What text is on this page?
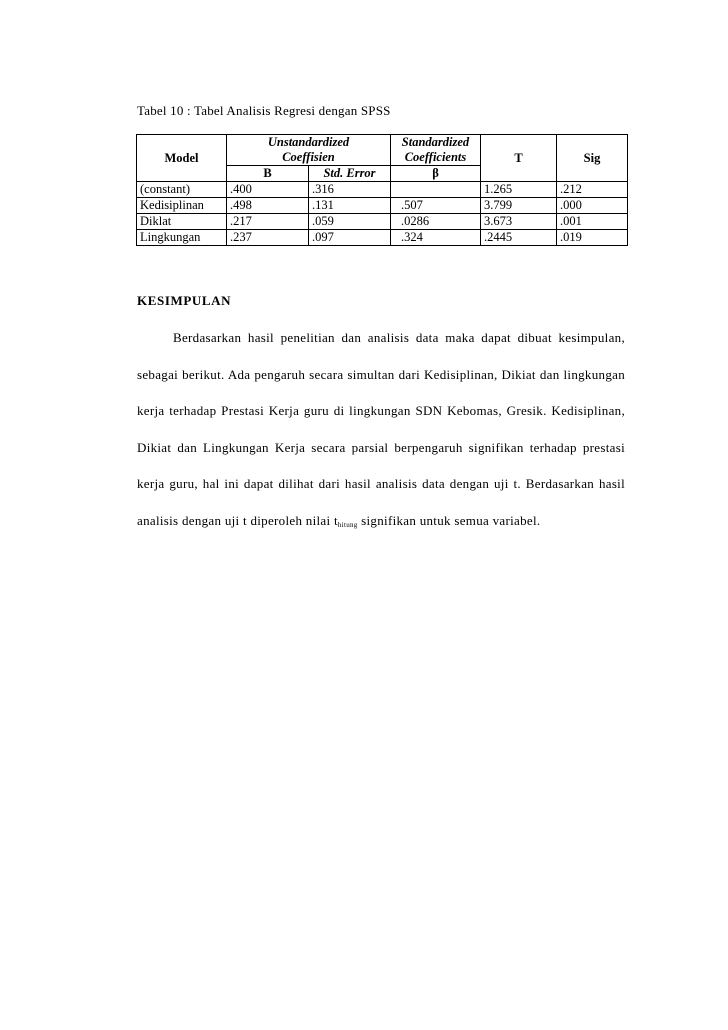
Tabel 10 : Tabel Analisis Regresi dengan SPSS
Model	Unstandardized Coeffisien		Standardized Coefficients	T	Sig
	B	Std. Error	β		
(constant)	.400	.316		1.265	.212
Kedisiplinan	.498	.131	.507	3.799	.000
Diklat	.217	.059	.0286	3.673	.001
Lingkungan	.237	.097	.324	.2445	.019
KESIMPULAN
Berdasarkan hasil penelitian dan analisis data maka dapat dibuat kesimpulan, sebagai berikut. Ada pengaruh secara simultan dari Kedisiplinan, Dikiat dan lingkungan kerja terhadap Prestasi Kerja guru di lingkungan SDN Kebomas, Gresik. Kedisiplinan, Dikiat dan Lingkungan Kerja secara parsial berpengaruh signifikan terhadap prestasi kerja guru, hal ini dapat dilihat dari hasil analisis data dengan uji t. Berdasarkan hasil analisis dengan uji t diperoleh nilai $t_{hitung}$ signifikan untuk semua variabel.
